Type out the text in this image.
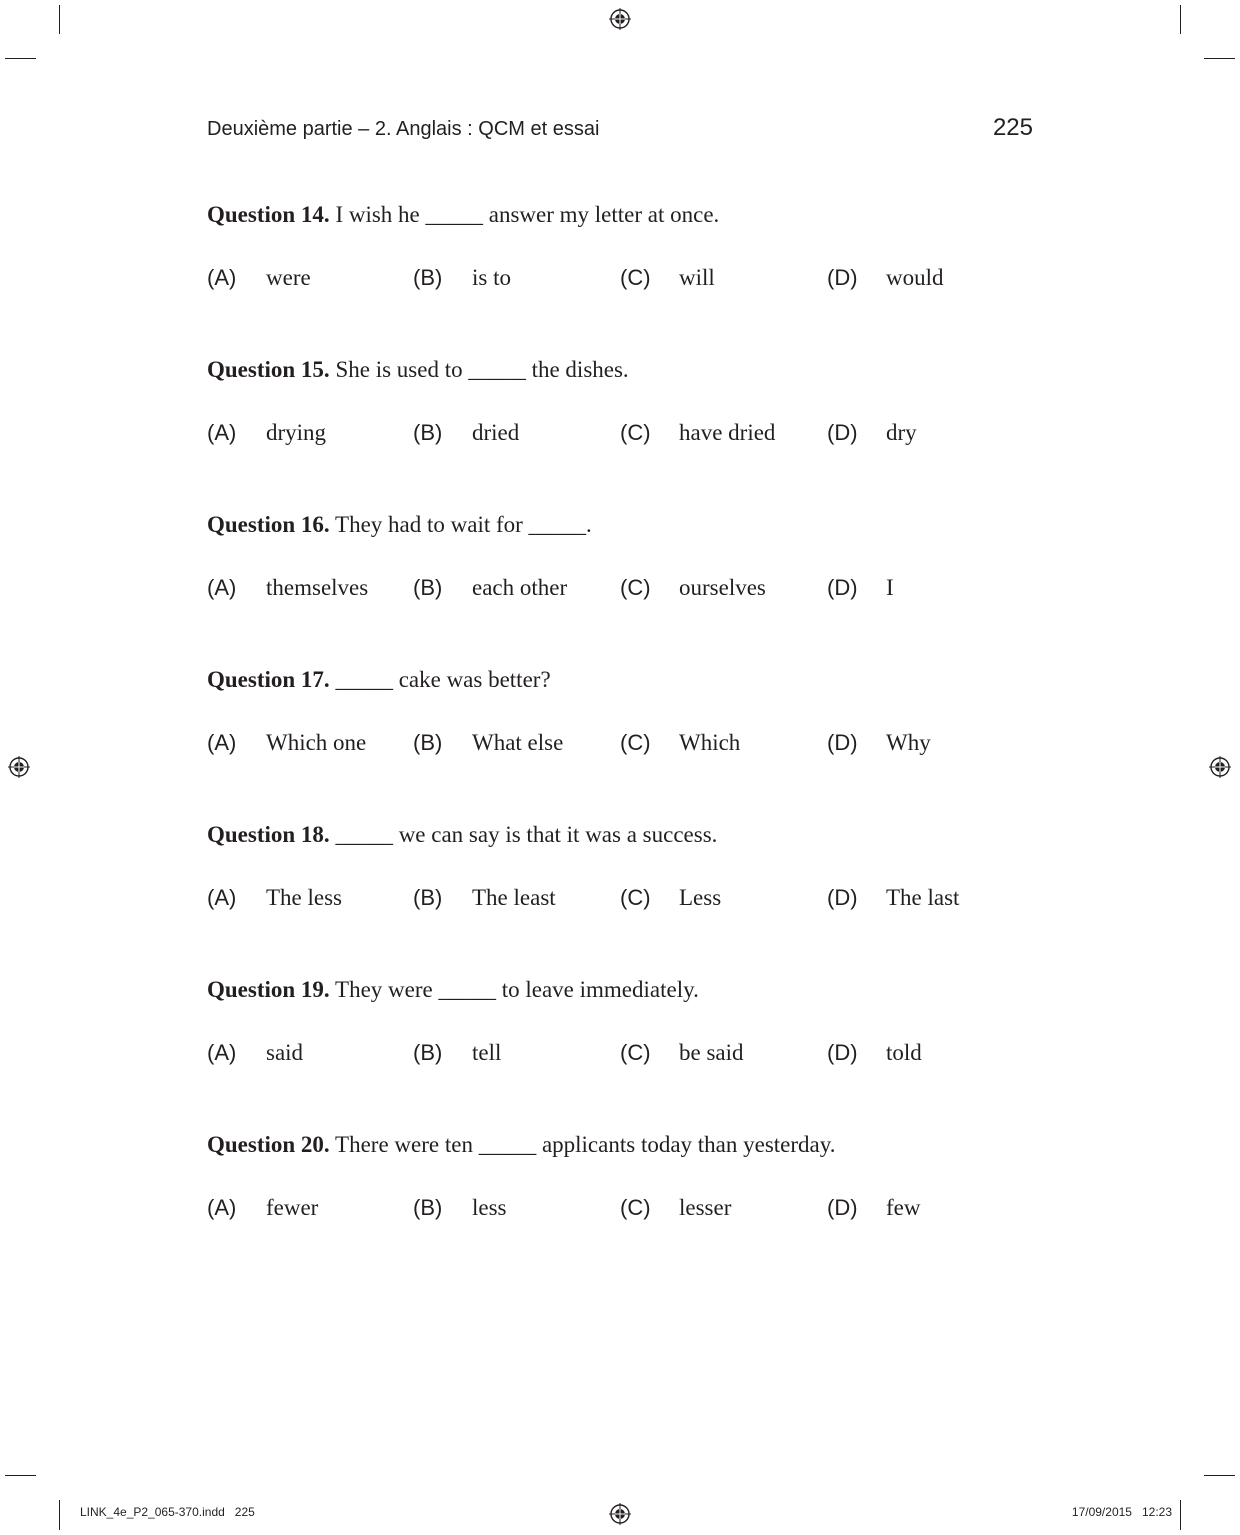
Deuxième partie – 2. Anglais : QCM et essai	225
Question 14. I wish he _____ answer my letter at once.
(A) were	(B) is to	(C) will	(D) would
Question 15. She is used to _____ the dishes.
(A) drying	(B) dried	(C) have dried (D) dry
Question 16. They had to wait for _____.
(A) themselves (B) each other (C) ourselves	(D) I
Question 17. _____ cake was better?
(A) Which one (B) What else	(C) Which	(D) Why
Question 18. _____ we can say is that it was a success.
(A) The less	(B) The least	(C) Less	(D) The last
Question 19. They were _____ to leave immediately.
(A) said	(B) tell	(C) be said	(D) told
Question 20. There were ten _____ applicants today than yesterday.
(A) fewer	(B) less	(C) lesser	(D) few
LINK_4e_P2_065-370.indd   225	17/09/2015   12:23
